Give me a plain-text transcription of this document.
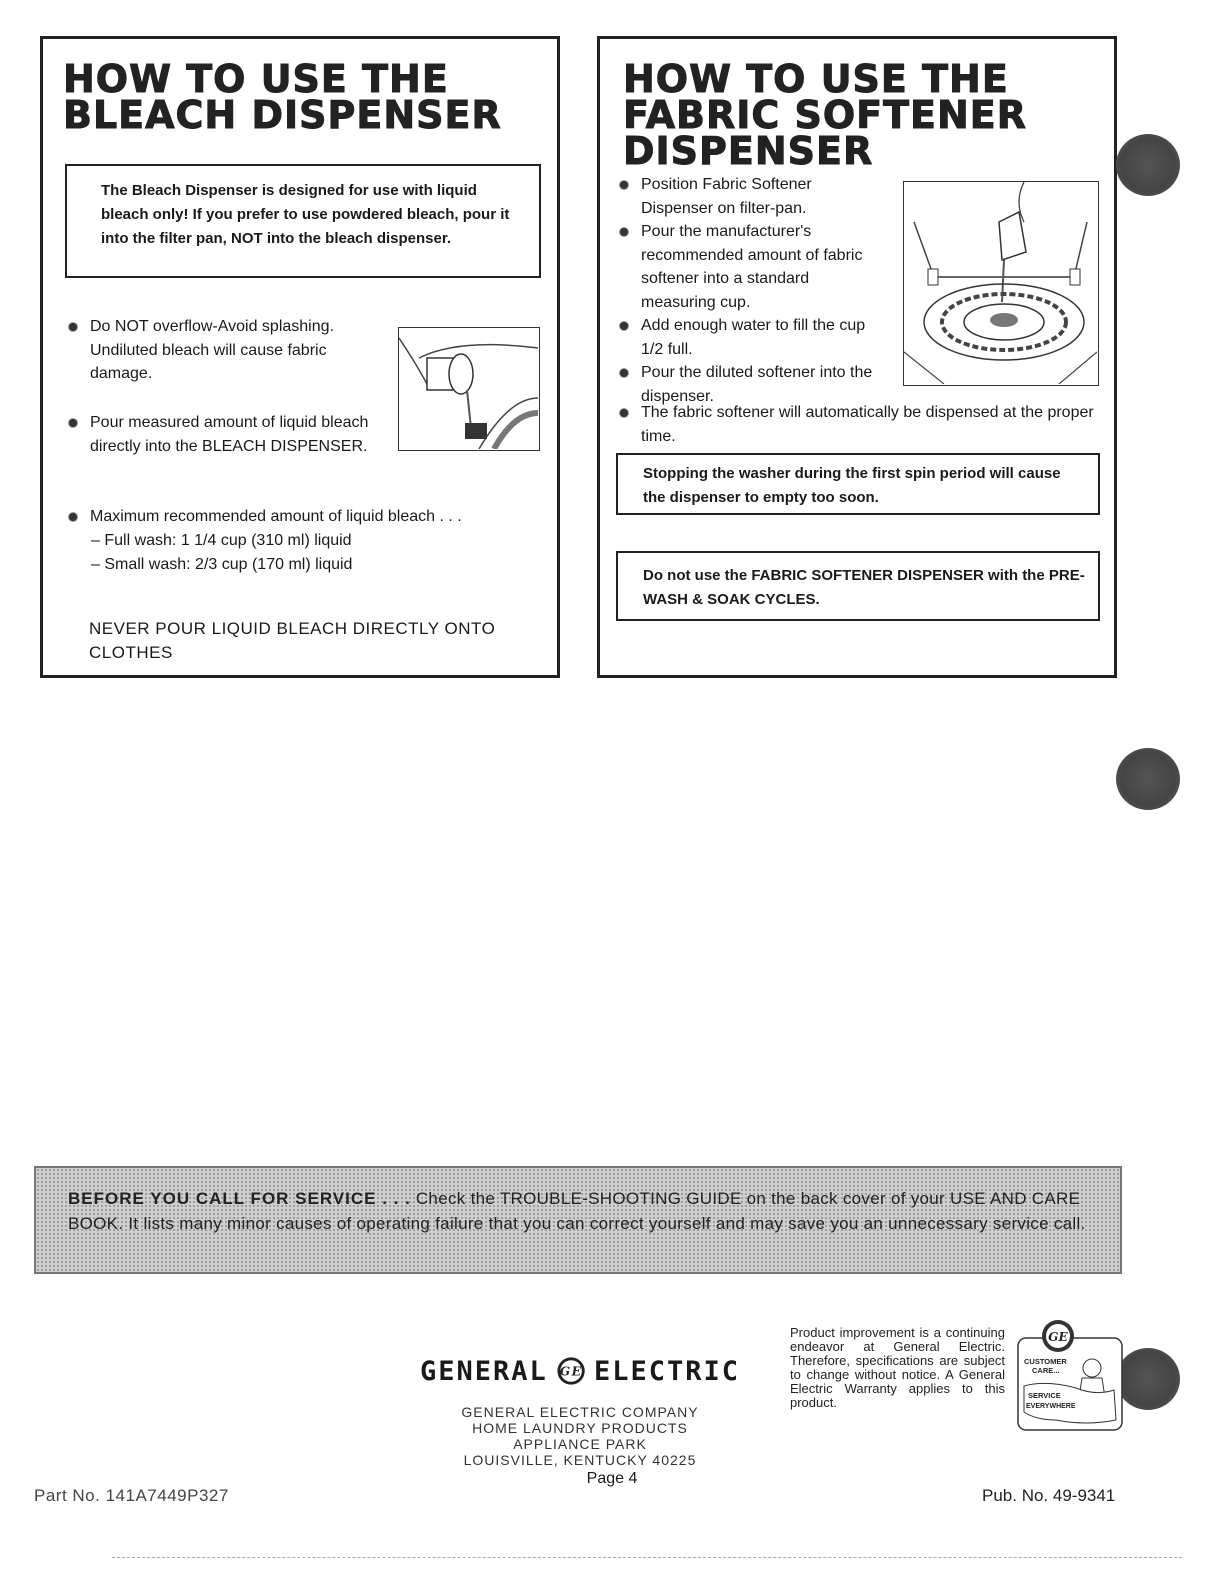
HOW TO USE THE
BLEACH DISPENSER
The Bleach Dispenser is designed for use with liquid bleach only! If you prefer to use powdered bleach, pour it into the filter pan, NOT into the bleach dispenser.
Do NOT overflow-Avoid splashing. Undiluted bleach will cause fabric damage.
Pour measured amount of liquid bleach directly into the BLEACH DISPENSER.
Maximum recommended amount of liquid bleach . . .
– Full wash: 1 1/4 cup (310 ml) liquid
– Small wash: 2/3 cup (170 ml) liquid
NEVER POUR LIQUID BLEACH DIRECTLY ONTO CLOTHES
HOW TO USE THE
FABRIC SOFTENER
DISPENSER
Position Fabric Softener Dispenser on filter-pan.
Pour the manufacturer's recommended amount of fabric softener into a standard measuring cup.
Add enough water to fill the cup 1/2 full.
Pour the diluted softener into the dispenser.
The fabric softener will automatically be dispensed at the proper time.
Stopping the washer during the first spin period will cause the dispenser to empty too soon.
Do not use the FABRIC SOFTENER DISPENSER with the PRE-WASH & SOAK CYCLES.
BEFORE YOU CALL FOR SERVICE . . . Check the TROUBLE-SHOOTING GUIDE on the back cover of your USE AND CARE BOOK. It lists many minor causes of operating failure that you can correct yourself and may save you an unnecessary service call.
GENERAL GE ELECTRIC
GENERAL ELECTRIC COMPANY
HOME LAUNDRY PRODUCTS
APPLIANCE PARK
LOUISVILLE, KENTUCKY 40225
Page 4
Product improvement is a continuing endeavor at General Electric. Therefore, specifications are subject to change without notice. A General Electric Warranty applies to this product.
GE
CUSTOMER
CARE...
SERVICE
EVERYWHERE
Part No. 141A7449P327	Pub. No. 49-9341
